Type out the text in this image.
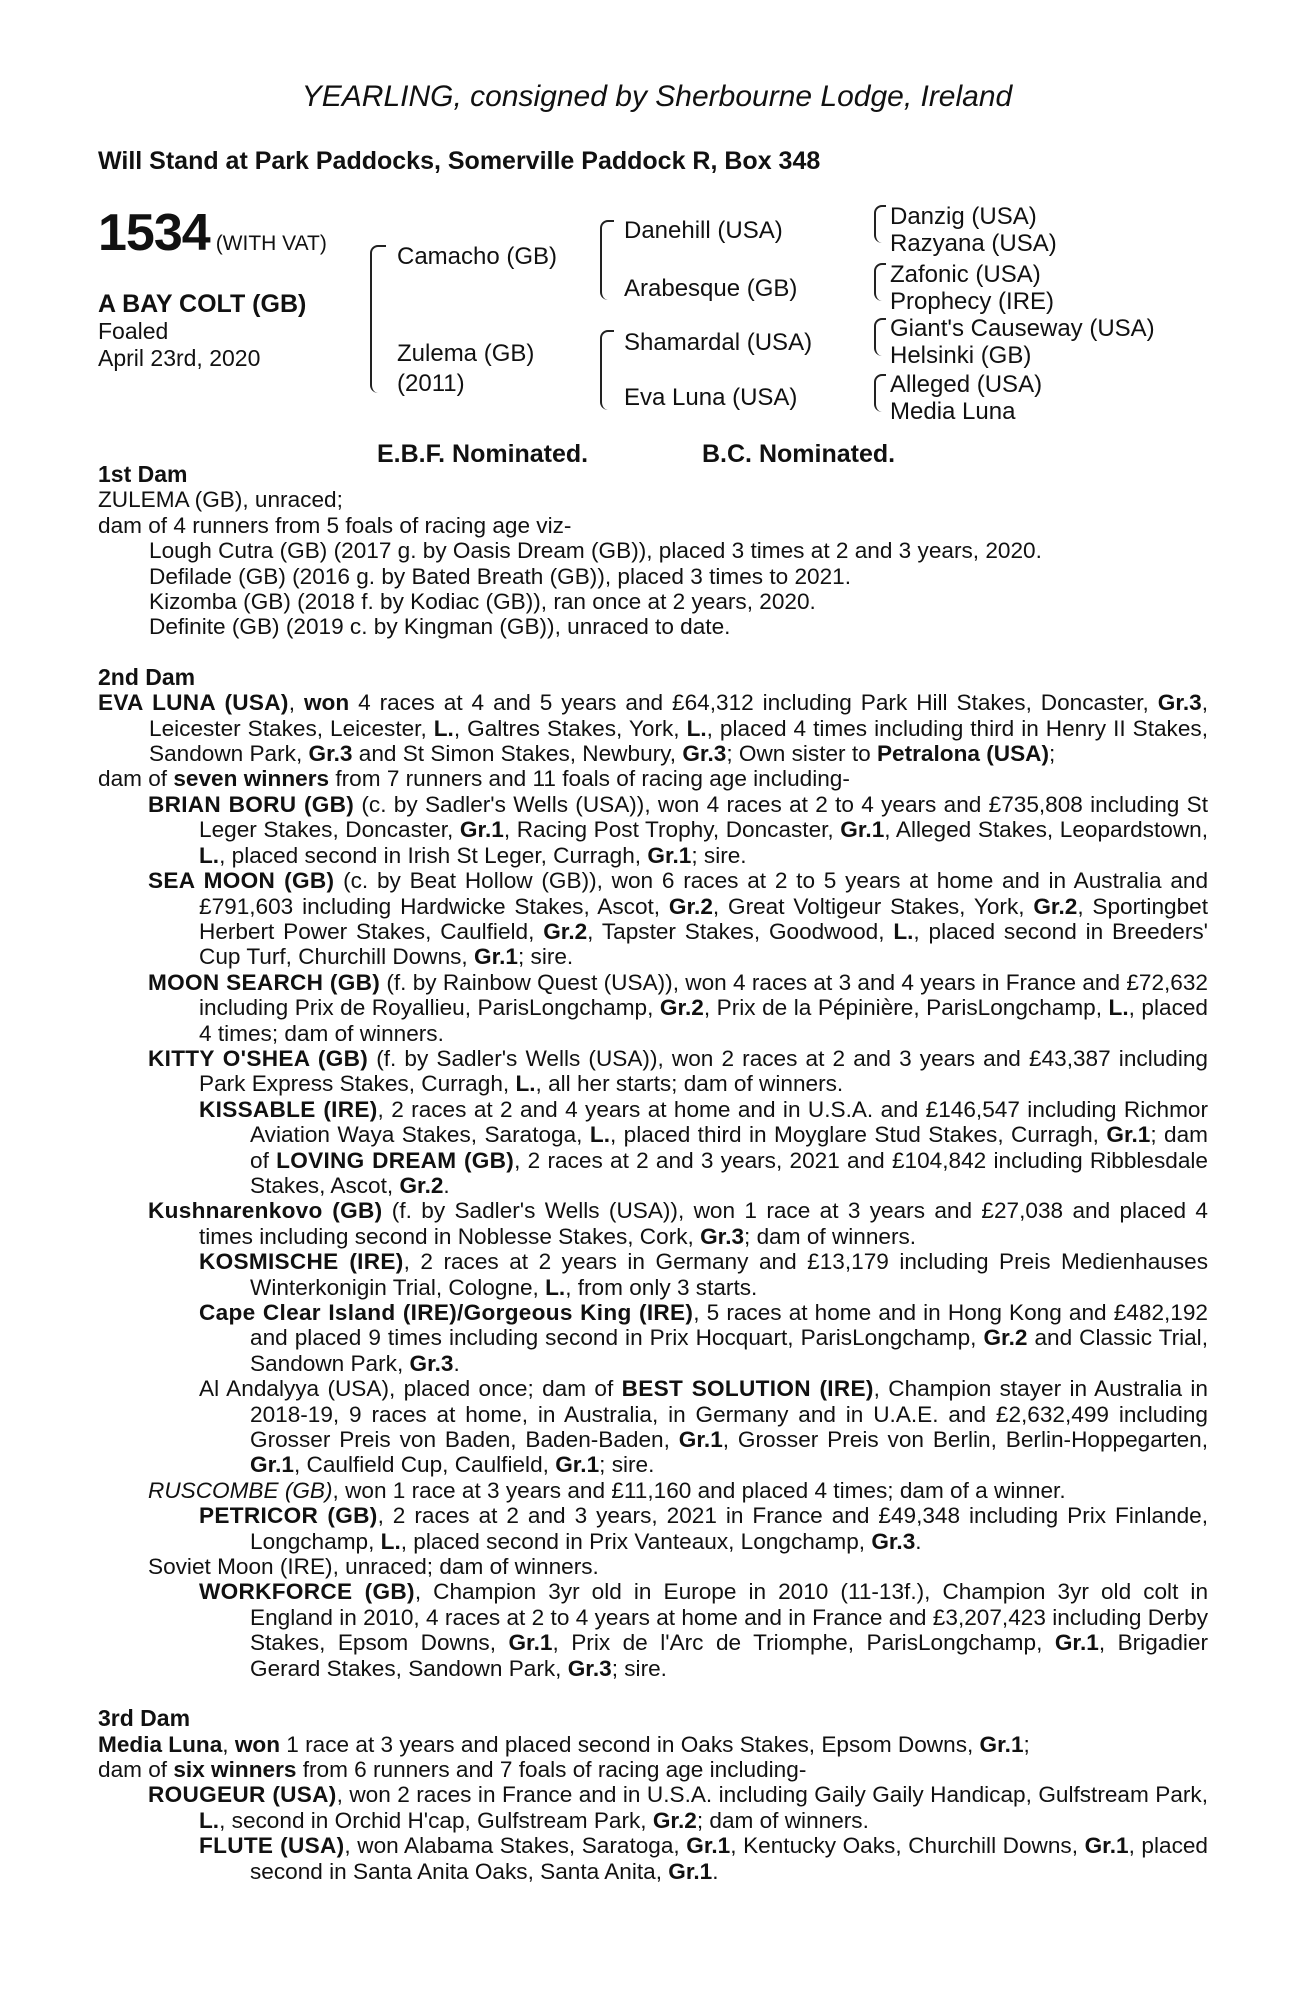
YEARLING, consigned by Sherbourne Lodge, Ireland
Will Stand at Park Paddocks, Somerville Paddock R, Box 348
1534 (WITH VAT)
A BAY COLT (GB)
Foaled
April 23rd, 2020
Camacho (GB)
Zulema (GB)
(2011)
Danehill (USA)
Arabesque (GB)
Shamardal (USA)
Eva Luna (USA)
Danzig (USA)
Razyana (USA)
Zafonic (USA)
Prophecy (IRE)
Giant's Causeway (USA)
Helsinki (GB)
Alleged (USA)
Media Luna
E.B.F. Nominated.	B.C. Nominated.

1st Dam

ZULEMA (GB), unraced;

dam of 4 runners from 5 foals of racing age viz-

Lough Cutra (GB) (2017 g. by Oasis Dream (GB)), placed 3 times at 2 and 3 years, 2020.

Defilade (GB) (2016 g. by Bated Breath (GB)), placed 3 times to 2021.

Kizomba (GB) (2018 f. by Kodiac (GB)), ran once at 2 years, 2020.

Definite (GB) (2019 c. by Kingman (GB)), unraced to date.

2nd Dam

EVA LUNA (USA), won 4 races at 4 and 5 years and £64,312 including Park Hill Stakes, Doncaster, Gr.3, Leicester Stakes, Leicester, L., Galtres Stakes, York, L., placed 4 times including third in Henry II Stakes, Sandown Park, Gr.3 and St Simon Stakes, Newbury, Gr.3; Own sister to Petralona (USA);

dam of seven winners from 7 runners and 11 foals of racing age including-

BRIAN BORU (GB) (c. by Sadler's Wells (USA)), won 4 races at 2 to 4 years and £735,808 including St Leger Stakes, Doncaster, Gr.1, Racing Post Trophy, Doncaster, Gr.1, Alleged Stakes, Leopardstown, L., placed second in Irish St Leger, Curragh, Gr.1; sire.

SEA MOON (GB) (c. by Beat Hollow (GB)), won 6 races at 2 to 5 years at home and in Australia and £791,603 including Hardwicke Stakes, Ascot, Gr.2, Great Voltigeur Stakes, York, Gr.2, Sportingbet Herbert Power Stakes, Caulfield, Gr.2, Tapster Stakes, Goodwood, L., placed second in Breeders' Cup Turf, Churchill Downs, Gr.1; sire.

MOON SEARCH (GB) (f. by Rainbow Quest (USA)), won 4 races at 3 and 4 years in France and £72,632 including Prix de Royallieu, ParisLongchamp, Gr.2, Prix de la Pépinière, ParisLongchamp, L., placed 4 times; dam of winners.

KITTY O'SHEA (GB) (f. by Sadler's Wells (USA)), won 2 races at 2 and 3 years and £43,387 including Park Express Stakes, Curragh, L., all her starts; dam of winners.

KISSABLE (IRE), 2 races at 2 and 4 years at home and in U.S.A. and £146,547 including Richmor Aviation Waya Stakes, Saratoga, L., placed third in Moyglare Stud Stakes, Curragh, Gr.1; dam of LOVING DREAM (GB), 2 races at 2 and 3 years, 2021 and £104,842 including Ribblesdale Stakes, Ascot, Gr.2.

Kushnarenkovo (GB) (f. by Sadler's Wells (USA)), won 1 race at 3 years and £27,038 and placed 4 times including second in Noblesse Stakes, Cork, Gr.3; dam of winners.

KOSMISCHE (IRE), 2 races at 2 years in Germany and £13,179 including Preis Medienhauses Winterkonigin Trial, Cologne, L., from only 3 starts.

Cape Clear Island (IRE)/Gorgeous King (IRE), 5 races at home and in Hong Kong and £482,192 and placed 9 times including second in Prix Hocquart, ParisLongchamp, Gr.2 and Classic Trial, Sandown Park, Gr.3.

Al Andalyya (USA), placed once; dam of BEST SOLUTION (IRE), Champion stayer in Australia in 2018-19, 9 races at home, in Australia, in Germany and in U.A.E. and £2,632,499 including Grosser Preis von Baden, Baden-Baden, Gr.1, Grosser Preis von Berlin, Berlin-Hoppegarten, Gr.1, Caulfield Cup, Caulfield, Gr.1; sire.

RUSCOMBE (GB), won 1 race at 3 years and £11,160 and placed 4 times; dam of a winner.

PETRICOR (GB), 2 races at 2 and 3 years, 2021 in France and £49,348 including Prix Finlande, Longchamp, L., placed second in Prix Vanteaux, Longchamp, Gr.3.

Soviet Moon (IRE), unraced; dam of winners.

WORKFORCE (GB), Champion 3yr old in Europe in 2010 (11-13f.), Champion 3yr old colt in England in 2010, 4 races at 2 to 4 years at home and in France and £3,207,423 including Derby Stakes, Epsom Downs, Gr.1, Prix de l'Arc de Triomphe, ParisLongchamp, Gr.1, Brigadier Gerard Stakes, Sandown Park, Gr.3; sire.

3rd Dam

Media Luna, won 1 race at 3 years and placed second in Oaks Stakes, Epsom Downs, Gr.1;

dam of six winners from 6 runners and 7 foals of racing age including-

ROUGEUR (USA), won 2 races in France and in U.S.A. including Gaily Gaily Handicap, Gulfstream Park, L., second in Orchid H'cap, Gulfstream Park, Gr.2; dam of winners.

FLUTE (USA), won Alabama Stakes, Saratoga, Gr.1, Kentucky Oaks, Churchill Downs, Gr.1, placed second in Santa Anita Oaks, Santa Anita, Gr.1.
